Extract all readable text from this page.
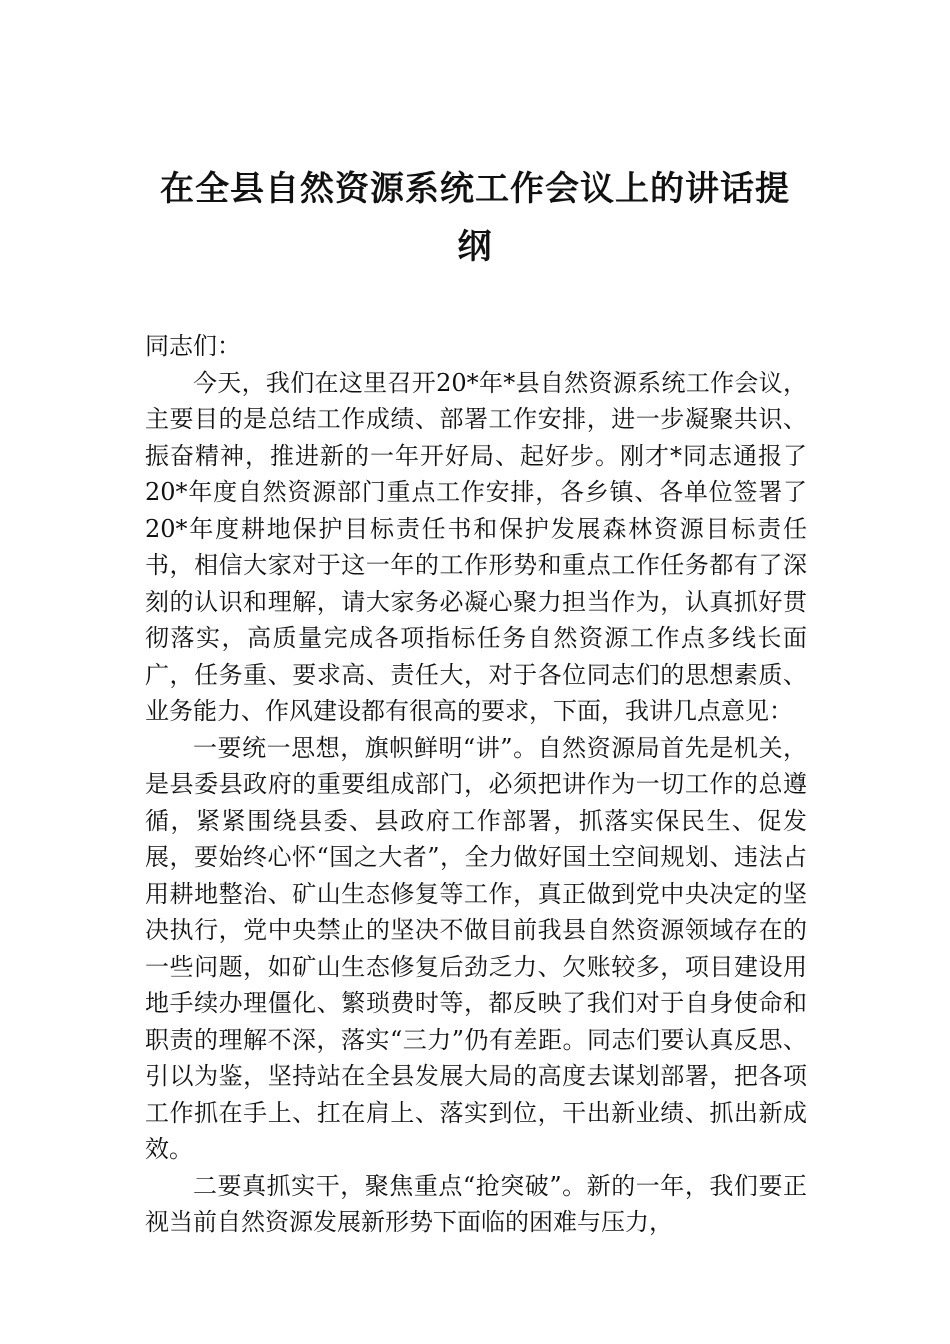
在全县自然资源系统工作会议上的讲话提纲

同志们：

今天，我们在这里召开20*年*县自然资源系统工作会议，主要目的是总结工作成绩、部署工作安排，进一步凝聚共识、振奋精神，推进新的一年开好局、起好步。刚才*同志通报了20*年度自然资源部门重点工作安排，各乡镇、各单位签署了20*年度耕地保护目标责任书和保护发展森林资源目标责任书，相信大家对于这一年的工作形势和重点工作任务都有了深刻的认识和理解，请大家务必凝心聚力担当作为，认真抓好贯彻落实，高质量完成各项指标任务自然资源工作点多线长面广，任务重、要求高、责任大，对于各位同志们的思想素质、业务能力、作风建设都有很高的要求，下面，我讲几点意见：

一要统一思想，旗帜鲜明“讲”。自然资源局首先是机关，是县委县政府的重要组成部门，必须把讲作为一切工作的总遵循，紧紧围绕县委、县政府工作部署，抓落实保民生、促发展，要始终心怀“国之大者”，全力做好国土空间规划、违法占用耕地整治、矿山生态修复等工作，真正做到党中央决定的坚决执行，党中央禁止的坚决不做目前我县自然资源领域存在的一些问题，如矿山生态修复后劲乏力、欠账较多，项目建设用地手续办理僵化、繁琐费时等，都反映了我们对于自身使命和职责的理解不深，落实“三力”仍有差距。同志们要认真反思、引以为鉴，坚持站在全县发展大局的高度去谋划部署，把各项工作抓在手上、扛在肩上、落实到位，干出新业绩、抓出新成效。

二要真抓实干，聚焦重点“抢突破”。新的一年，我们要正视当前自然资源发展新形势下面临的困难与压力，
